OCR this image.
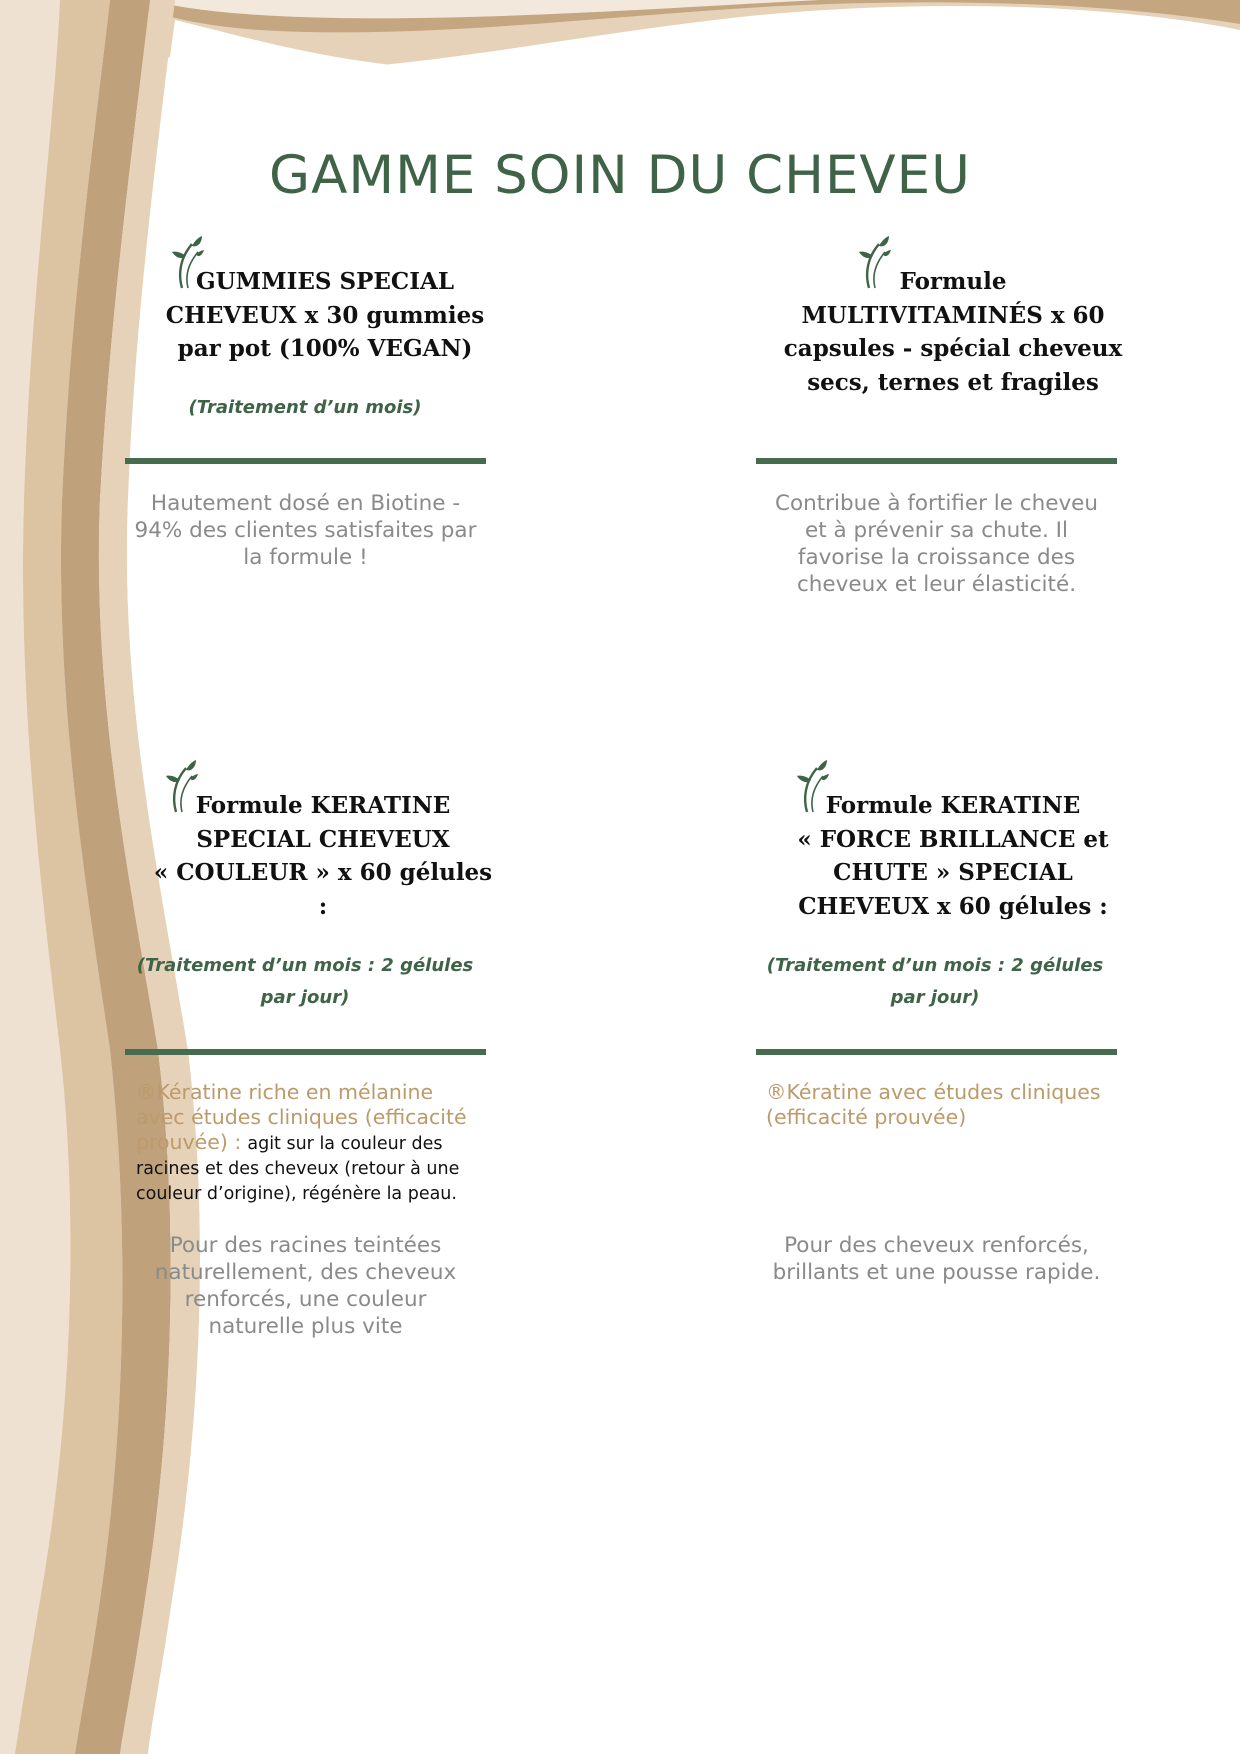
GAMME SOIN DU CHEVEU
GUMMIES SPECIAL
CHEVEUX x 30 gummies
par pot (100% VEGAN)
(Traitement d’un mois)
Hautement dosé en Biotine -
94% des clientes satisfaites par
la formule !
Formule
MULTIVITAMINÉS x 60
capsules - spécial cheveux
secs, ternes et fragiles
Contribue à fortifier le cheveu
et à prévenir sa chute. Il
favorise la croissance des
cheveux et leur élasticité.
Formule KERATINE
SPECIAL CHEVEUX
« COULEUR » x 60 gélules :
(Traitement d’un mois : 2 gélules
par jour)
®Kératine riche en mélanine
avec études cliniques (efficacité
prouvée) : agit sur la couleur des
racines et des cheveux (retour à une
couleur d’origine), régénère la peau.
Pour des racines teintées
naturellement, des cheveux
renforcés, une couleur
naturelle plus vite
Formule KERATINE
« FORCE BRILLANCE et
CHUTE » SPECIAL
CHEVEUX x 60 gélules :
(Traitement d’un mois : 2 gélules
par jour)
®Kératine avec études cliniques
(efficacité prouvée)
Pour des cheveux renforcés,
brillants et une pousse rapide.
